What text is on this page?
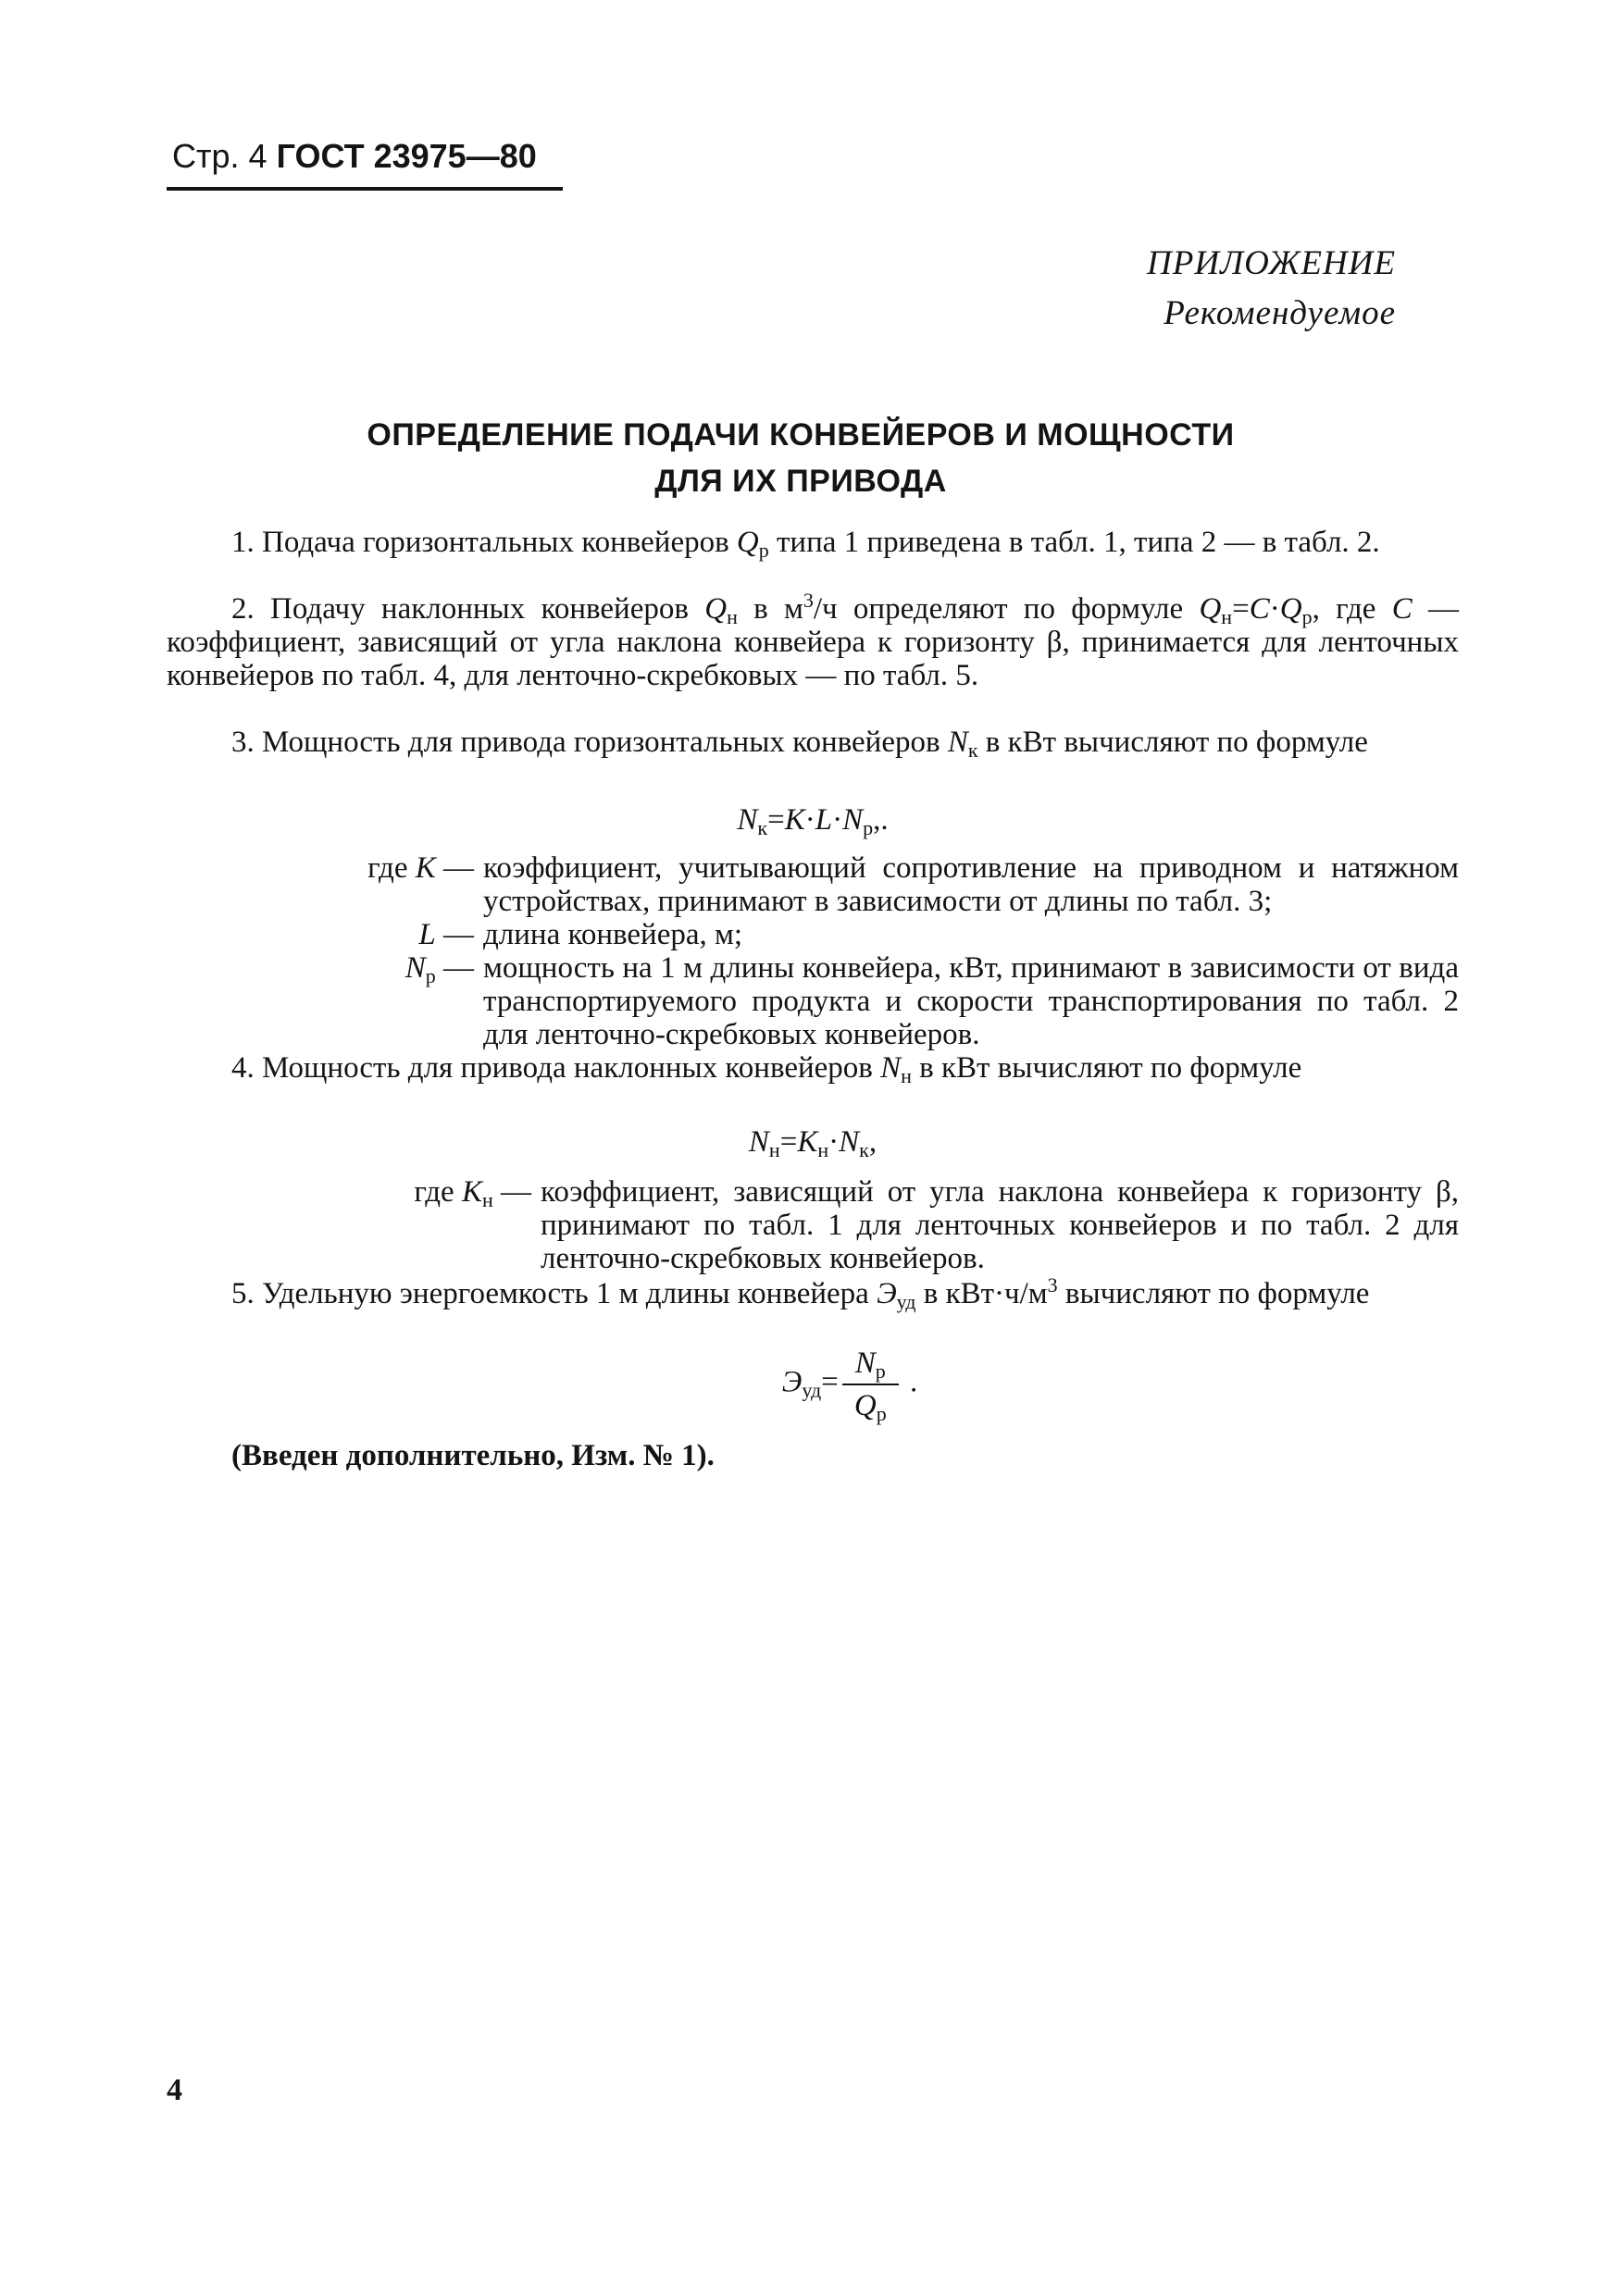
Стр. 4 ГОСТ 23975—80
ПРИЛОЖЕНИЕ
Рекомендуемое
ОПРЕДЕЛЕНИЕ ПОДАЧИ КОНВЕЙЕРОВ И МОЩНОСТИ
ДЛЯ ИХ ПРИВОДА

1. Подача горизонтальных конвейеров $Q_р$ типа 1 приведена в табл. 1, типа 2 — в табл. 2.

2. Подачу наклонных конвейеров $Q_н$ в $м^3/ч$ определяют по формуле $Q_н=C\cdot Q_р$, где C — коэффициент, зависящий от угла наклона конвейера к горизонту β, принимается для ленточных конвейеров по табл. 4, для ленточно-скребковых — по табл. 5.

3. Мощность для привода горизонтальных конвейеров $N_к$ в кВт вычисляют по формуле

$N_к=K\cdot L\cdot N_р$,.
где K — коэффициент, учитывающий сопротивление на приводном и натяжном устройствах, принимают в зависимости от длины по табл. 3;
L — длина конвейера, м;
$N_р$ — мощность на 1 м длины конвейера, кВт, принимают в зависимости от вида транспортируемого продукта и скорости транспортирования по табл. 2 для ленточно-скребковых конвейеров.

4. Мощность для привода наклонных конвейеров $N_н$ в кВт вычисляют по формуле

$N_н=K_н\cdot N_к$,
где $K_н$ — коэффициент, зависящий от угла наклона конвейера к горизонту β, принимают по табл. 1 для ленточных конвейеров и по табл. 2 для ленточно-скребковых конвейеров.

5. Удельную энергоемкость 1 м длины конвейера $Э_{уд}$ в $кВт\cdot ч/м^3$ вычисляют по формуле

$Э_{уд}= \frac{N_р}{Q_р}$ .
(Введен дополнительно, Изм. № 1).
4
